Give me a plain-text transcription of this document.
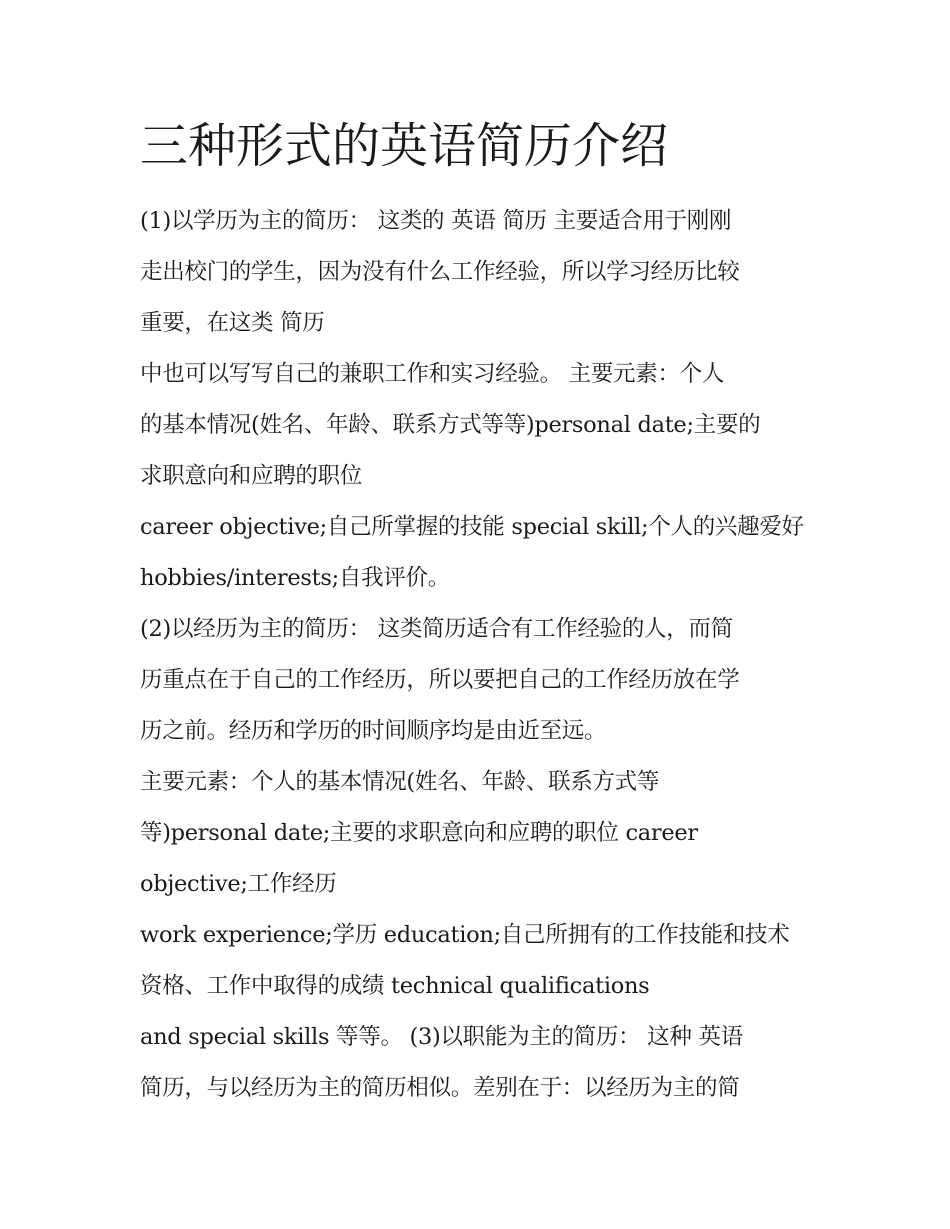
三种形式的英语简历介绍
(1)以学历为主的简历： 这类的 英语 简历 主要适合用于刚刚
走出校门的学生，因为没有什么工作经验，所以学习经历比较
重要，在这类 简历
中也可以写写自己的兼职工作和实习经验。 主要元素：个人
的基本情况(姓名、年龄、联系方式等等)personal date;主要的
求职意向和应聘的职位
career objective;自己所掌握的技能 special skill;个人的兴趣爱好
hobbies/interests;自我评价。
(2)以经历为主的简历： 这类简历适合有工作经验的人，而简
历重点在于自己的工作经历，所以要把自己的工作经历放在学
历之前。经历和学历的时间顺序均是由近至远。
主要元素：个人的基本情况(姓名、年龄、联系方式等
等)personal date;主要的求职意向和应聘的职位 career
objective;工作经历
work experience;学历 education;自己所拥有的工作技能和技术
资格、工作中取得的成绩 technical qualifications
and special skills 等等。 (3)以职能为主的简历： 这种 英语
简历，与以经历为主的简历相似。差别在于：以经历为主的简
